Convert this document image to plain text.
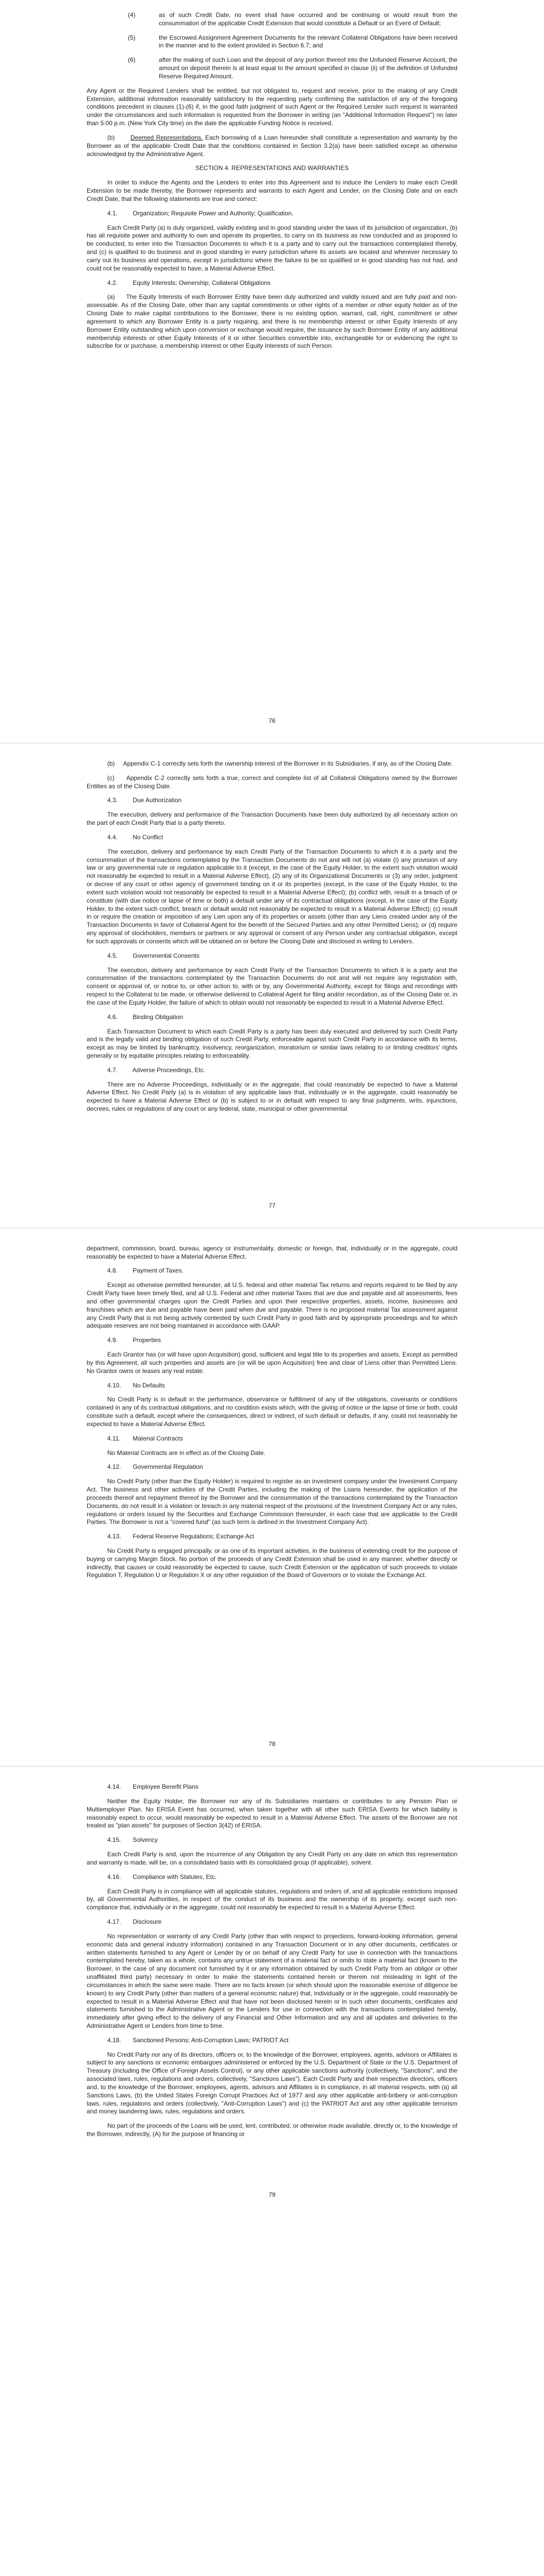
(4)	as of such Credit Date, no event shall have occurred and be continuing or would result from the consummation of the applicable Credit Extension that would constitute a Default or an Event of Default;

(5)	the Escrowed Assignment Agreement Documents for the relevant Collateral Obligations have been received in the manner and to the extent provided in Section 6.7; and

(6)	after the making of such Loan and the deposit of any portion thereof into the Unfunded Reserve Account, the amount on deposit therein is at least equal to the amount specified in clause (ii) of the definition of Unfunded Reserve Required Amount.

Any Agent or the Required Lenders shall be entitled, but not obligated to, request and receive, prior to the making of any Credit Extension, additional information reasonably satisfactory to the requesting party confirming the satisfaction of any of the foregoing conditions precedent in clauses (1)-(6) if, in the good faith judgment of such Agent or the Required Lender such request is warranted under the circumstances and such information is requested from the Borrower in writing (an "Additional Information Request") no later than 5:00 p.m. (New York City time) on the date the applicable Funding Notice is received.

(b)	Deemed Representations. Each borrowing of a Loan hereunder shall constitute a representation and warranty by the Borrower as of the applicable Credit Date that the conditions contained in Section 3.2(a) have been satisfied except as otherwise acknowledged by the Administrative Agent.

SECTION 4. REPRESENTATIONS AND WARRANTIES

In order to induce the Agents and the Lenders to enter into this Agreement and to induce the Lenders to make each Credit Extension to be made thereby, the Borrower represents and warrants to each Agent and Lender, on the Closing Date and on each Credit Date, that the following statements are true and correct:

4.1. Organization; Requisite Power and Authority; Qualification.

Each Credit Party (a) is duly organized, validly existing and in good standing under the laws of its jurisdiction of organization, (b) has all requisite power and authority to own and operate its properties, to carry on its business as now conducted and as proposed to be conducted, to enter into the Transaction Documents to which it is a party and to carry out the transactions contemplated thereby, and (c) is qualified to do business and in good standing in every jurisdiction where its assets are located and wherever necessary to carry out its business and operations, except in jurisdictions where the failure to be so qualified or in good standing has not had, and could not be reasonably expected to have, a Material Adverse Effect.

4.2. Equity Interests; Ownership; Collateral Obligations

(a) The Equity Interests of each Borrower Entity have been duly authorized and validly issued and are fully paid and non-assessable. As of the Closing Date, other than any capital commitments or other rights of a member or other equity holder as of the Closing Date to make capital contributions to the Borrower, there is no existing option, warrant, call, right, commitment or other agreement to which any Borrower Entity is a party requiring, and there is no membership interest or other Equity Interests of any Borrower Entity outstanding which upon conversion or exchange would require, the issuance by such Borrower Entity of any additional membership interests or other Equity Interests of it or other Securities convertible into, exchangeable for or evidencing the right to subscribe for or purchase, a membership interest or other Equity Interests of such Person.

76

(b) Appendix C-1 correctly sets forth the ownership interest of the Borrower in its Subsidiaries, if any, as of the Closing Date.

(c) Appendix C-2 correctly sets forth a true, correct and complete list of all Collateral Obligations owned by the Borrower Entities as of the Closing Date.

4.3. Due Authorization

The execution, delivery and performance of the Transaction Documents have been duly authorized by all necessary action on the part of each Credit Party that is a party thereto.

4.4. No Conflict

The execution, delivery and performance by each Credit Party of the Transaction Documents to which it is a party and the consummation of the transactions contemplated by the Transaction Documents do not and will not (a) violate (i) any provision of any law or any governmental rule or regulation applicable to it (except, in the case of the Equity Holder, to the extent such violation would not reasonably be expected to result in a Material Adverse Effect), (2) any of its Organizational Documents or (3) any order, judgment or decree of any court or other agency of government binding on it or its properties (except, in the case of the Equity Holder, to the extent such violation would not reasonably be expected to result in a Material Adverse Effect); (b) conflict with, result in a breach of or constitute (with due notice or lapse of time or both) a default under any of its contractual obligations (except, in the case of the Equity Holder, to the extent such conflict, breach or default would not reasonably be expected to result in a Material Adverse Effect); (c) result in or require the creation or imposition of any Lien upon any of its properties or assets (other than any Liens created under any of the Transaction Documents in favor of Collateral Agent for the benefit of the Secured Parties and any other Permitted Liens); or (d) require any approval of stockholders, members or partners or any approval or consent of any Person under any contractual obligation, except for such approvals or consents which will be obtained on or before the Closing Date and disclosed in writing to Lenders.

4.5. Governmental Consents

The execution, delivery and performance by each Credit Party of the Transaction Documents to which it is a party and the consummation of the transactions contemplated by the Transaction Documents do not and will not require any registration with, consent or approval of, or notice to, or other action to, with or by, any Governmental Authority, except for filings and recordings with respect to the Collateral to be made, or otherwise delivered to Collateral Agent for filing and/or recordation, as of the Closing Date or, in the case of the Equity Holder, the failure of which to obtain would not reasonably be expected to result in a Material Adverse Effect.

4.6. Binding Obligation

Each Transaction Document to which each Credit Party is a party has been duly executed and delivered by such Credit Party and is the legally valid and binding obligation of such Credit Party, enforceable against such Credit Party in accordance with its terms, except as may be limited by bankruptcy, insolvency, reorganization, moratorium or similar laws relating to or limiting creditors' rights generally or by equitable principles relating to enforceability.

4.7. Adverse Proceedings, Etc.

There are no Adverse Proceedings, individually or in the aggregate, that could reasonably be expected to have a Material Adverse Effect. No Credit Party (a) is in violation of any applicable laws that, individually or in the aggregate, could reasonably be expected to have a Material Adverse Effect or (b) is subject to or in default with respect to any final judgments, writs, injunctions, decrees, rules or regulations of any court or any federal, state, municipal or other governmental

77

department, commission, board, bureau, agency or instrumentality, domestic or foreign, that, individually or in the aggregate, could reasonably be expected to have a Material Adverse Effect.

4.8. Payment of Taxes.

Except as otherwise permitted hereunder, all U.S. federal and other material Tax returns and reports required to be filed by any Credit Party have been timely filed, and all U.S. Federal and other material Taxes that are due and payable and all assessments, fees and other governmental charges upon the Credit Parties and upon their respective properties, assets, income, businesses and franchises which are due and payable have been paid when due and payable. There is no proposed material Tax assessment against any Credit Party that is not being actively contested by such Credit Party in good faith and by appropriate proceedings and for which adequate reserves are not being maintained in accordance with GAAP.

4.9. Properties

Each Grantor has (or will have upon Acquisition) good, sufficient and legal title to its properties and assets. Except as permitted by this Agreement, all such properties and assets are (or will be upon Acquisition) free and clear of Liens other than Permitted Liens. No Grantor owns or leases any real estate.

4.10. No Defaults

No Credit Party is in default in the performance, observance or fulfillment of any of the obligations, covenants or conditions contained in any of its contractual obligations, and no condition exists which, with the giving of notice or the lapse of time or both, could constitute such a default, except where the consequences, direct or indirect, of such default or defaults, if any, could not reasonably be expected to have a Material Adverse Effect.

4.11. Material Contracts

No Material Contracts are in effect as of the Closing Date.

4.12. Governmental Regulation

No Credit Party (other than the Equity Holder) is required to register as an investment company under the Investment Company Act. The business and other activities of the Credit Parties, including the making of the Loans hereunder, the application of the proceeds thereof and repayment thereof by the Borrower and the consummation of the transactions contemplated by the Transaction Documents, do not result in a violation or breach in any material respect of the provisions of the Investment Company Act or any rules, regulations or orders issued by the Securities and Exchange Commission thereunder, in each case that are applicable to the Credit Parties. The Borrower is not a "covered fund" (as such term is defined in the Investment Company Act).

4.13. Federal Reserve Regulations; Exchange Act

No Credit Party is engaged principally, or as one of its important activities, in the business of extending credit for the purpose of buying or carrying Margin Stock. No portion of the proceeds of any Credit Extension shall be used in any manner, whether directly or indirectly, that causes or could reasonably be expected to cause, such Credit Extension or the application of such proceeds to violate Regulation T, Regulation U or Regulation X or any other regulation of the Board of Governors or to violate the Exchange Act.

78

4.14. Employee Benefit Plans

Neither the Equity Holder, the Borrower nor any of its Subsidiaries maintains or contributes to any Pension Plan or Multiemployer Plan. No ERISA Event has occurred, when taken together with all other such ERISA Events for which liability is reasonably expect to occur, would reasonably be expected to result in a Material Adverse Effect. The assets of the Borrower are not treated as "plan assets" for purposes of Section 3(42) of ERISA.

4.15. Solvency

Each Credit Party is and, upon the incurrence of any Obligation by any Credit Party on any date on which this representation and warranty is made, will be, on a consolidated basis with its consolidated group (if applicable), solvent.

4.16. Compliance with Statutes, Etc.

Each Credit Party is in compliance with all applicable statutes, regulations and orders of, and all applicable restrictions imposed by, all Governmental Authorities, in respect of the conduct of its business and the ownership of its property, except such non-compliance that, individually or in the aggregate, could not reasonably be expected to result in a Material Adverse Effect.

4.17. Disclosure

No representation or warranty of any Credit Party (other than with respect to projections, forward-looking information, general economic data and general industry information) contained in any Transaction Document or in any other documents, certificates or written statements furnished to any Agent or Lender by or on behalf of any Credit Party for use in connection with the transactions contemplated hereby, taken as a whole, contains any untrue statement of a material fact or omits to state a material fact (known to the Borrower, in the case of any document not furnished by it or any information obtained by such Credit Party from an obligor or other unaffiliated third party) necessary in order to make the statements contained herein or therein not misleading in light of the circumstances in which the same were made. There are no facts known (or which should upon the reasonable exercise of diligence be known) to any Credit Party (other than matters of a general economic nature) that, individually or in the aggregate, could reasonably be expected to result in a Material Adverse Effect and that have not been disclosed herein or in such other documents, certificates and statements furnished to the Administrative Agent or the Lenders for use in connection with the transactions contemplated hereby, immediately after giving effect to the delivery of any Financial and Other Information and any and all updates and deliveries to the Administrative Agent or Lenders from time to time.

4.18. Sanctioned Persons; Anti-Corruption Laws; PATRIOT Act

No Credit Party nor any of its directors, officers or, to the knowledge of the Borrower, employees, agents, advisors or Affiliates is subject to any sanctions or economic embargoes administered or enforced by the U.S. Department of State or the U.S. Department of Treasury (including the Office of Foreign Assets Control), or any other applicable sanctions authority (collectively, "Sanctions", and the associated laws, rules, regulations and orders, collectively, "Sanctions Laws"). Each Credit Party and their respective directors, officers and, to the knowledge of the Borrower, employees, agents, advisors and Affiliates is in compliance, in all material respects, with (a) all Sanctions Laws, (b) the United States Foreign Corrupt Practices Act of 1977 and any other applicable anti-bribery or anti-corruption laws, rules, regulations and orders (collectively, "Anti-Corruption Laws") and (c) the PATRIOT Act and any other applicable terrorism and money laundering laws, rules, regulations and orders.

No part of the proceeds of the Loans will be used, lent, contributed, or otherwise made available, directly or, to the knowledge of the Borrower, indirectly, (A) for the purpose of financing or

79
